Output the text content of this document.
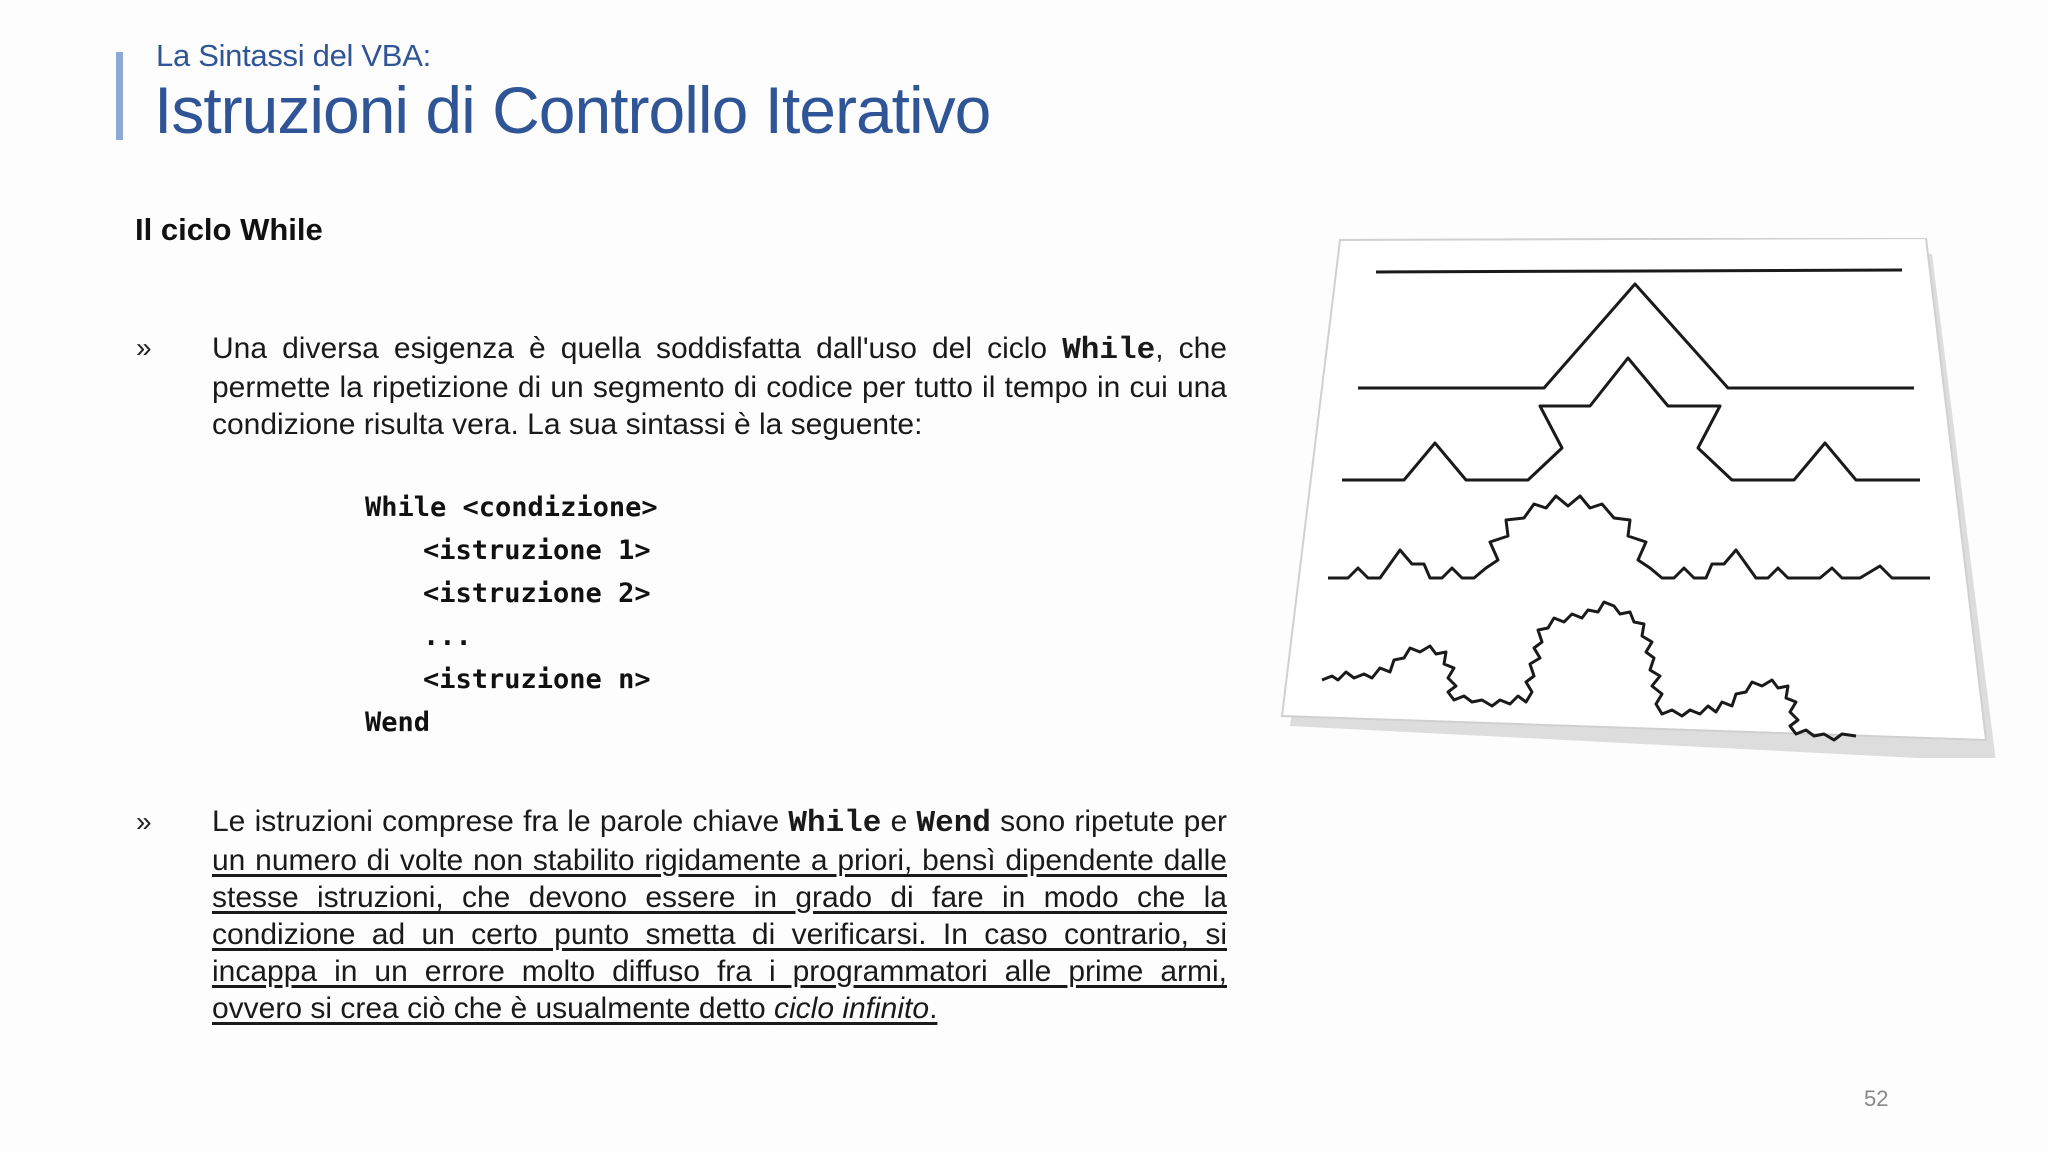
La Sintassi del VBA:
Istruzioni di Controllo Iterativo
Il ciclo While
» Una diversa esigenza è quella soddisfatta dall'uso del ciclo While, che permette la ripetizione di un segmento di codice per tutto il tempo in cui una condizione risulta vera. La sua sintassi è la seguente:
While <condizione>
<istruzione 1>
<istruzione 2>
...
<istruzione n>
Wend
» Le istruzioni comprese fra le parole chiave While e Wend sono ripetute per un numero di volte non stabilito rigidamente a priori, bensì dipendente dalle stesse istruzioni, che devono essere in grado di fare in modo che la condizione ad un certo punto smetta di verificarsi. In caso contrario, si incappa in un errore molto diffuso fra i programmatori alle prime armi, ovvero si crea ciò che è usualmente detto ciclo infinito.
52
